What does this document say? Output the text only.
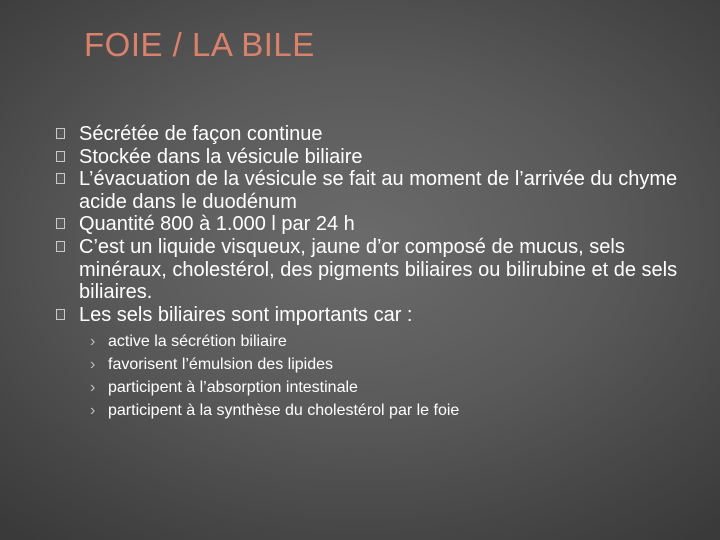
FOIE / LA BILE
Sécrétée de façon continue
Stockée dans la vésicule biliaire
L’évacuation de la vésicule se fait au moment de l’arrivée du chyme acide dans le duodénum
Quantité 800 à 1.000 l par 24 h
C’est un liquide visqueux, jaune d’or composé de mucus, sels minéraux, cholestérol, des pigments biliaires ou bilirubine et de sels biliaires.
Les sels biliaires sont importants car :
› active la sécrétion biliaire
› favorisent l’émulsion des lipides
› participent à l’absorption intestinale
› participent à la synthèse du cholestérol par le foie
